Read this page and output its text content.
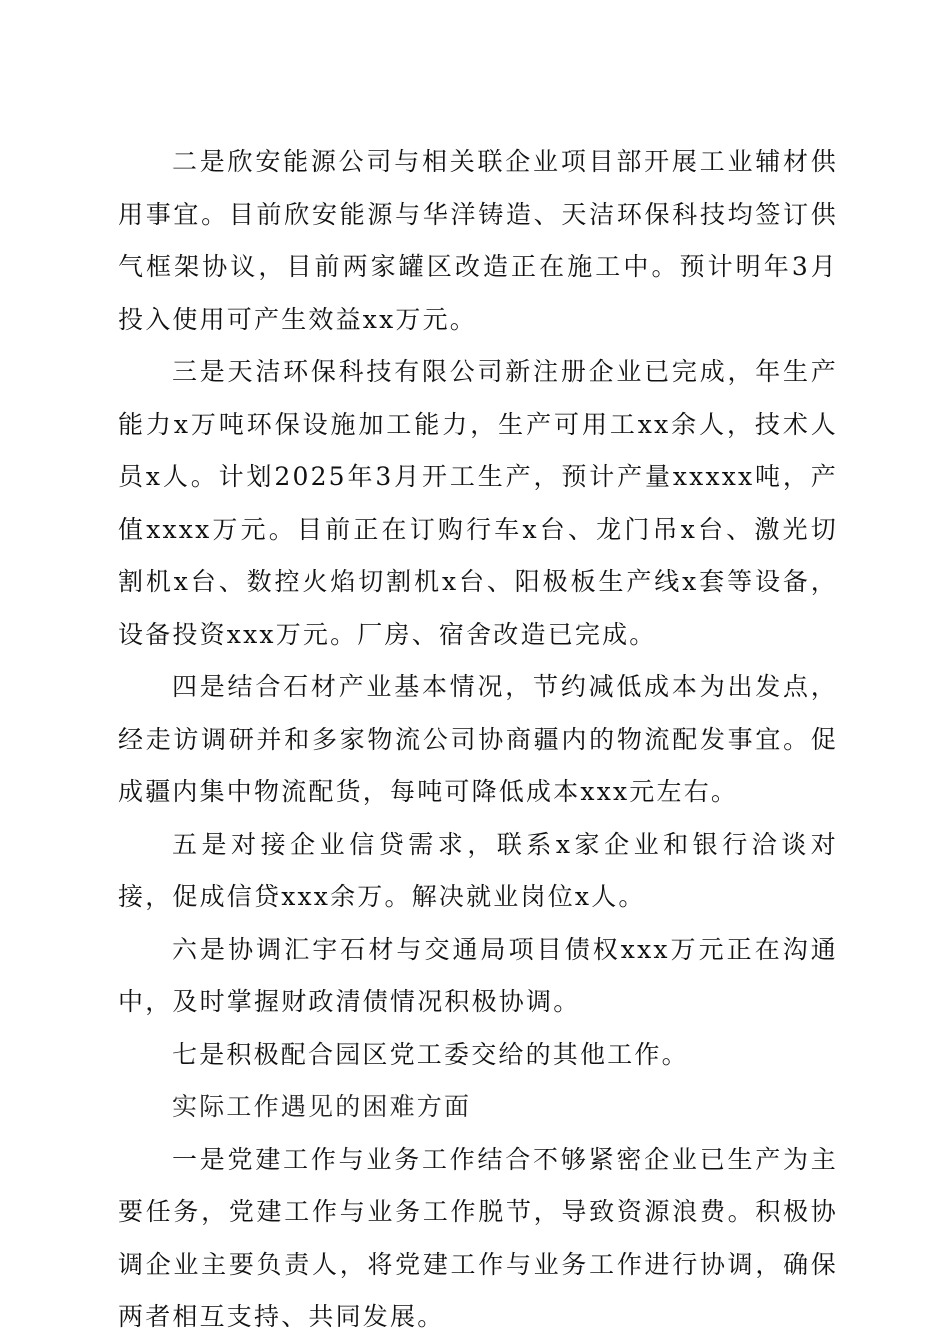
二是欣安能源公司与相关联企业项目部开展工业辅材供用事宜。目前欣安能源与华洋铸造、天洁环保科技均签订供气框架协议，目前两家罐区改造正在施工中。预计明年3月投入使用可产生效益xx万元。

三是天洁环保科技有限公司新注册企业已完成，年生产能力x万吨环保设施加工能力，生产可用工xx余人，技术人员x人。计划2025年3月开工生产，预计产量xxxxx吨，产值xxxx万元。目前正在订购行车x台、龙门吊x台、激光切割机x台、数控火焰切割机x台、阳极板生产线x套等设备，设备投资xxx万元。厂房、宿舍改造已完成。

四是结合石材产业基本情况，节约减低成本为出发点，经走访调研并和多家物流公司协商疆内的物流配发事宜。促成疆内集中物流配货，每吨可降低成本xxx元左右。

五是对接企业信贷需求，联系x家企业和银行洽谈对接，促成信贷xxx余万。解决就业岗位x人。

六是协调汇宇石材与交通局项目债权xxx万元正在沟通中，及时掌握财政清债情况积极协调。

七是积极配合园区党工委交给的其他工作。

实际工作遇见的困难方面

一是党建工作与业务工作结合不够紧密企业已生产为主要任务，党建工作与业务工作脱节，导致资源浪费。积极协调企业主要负责人，将党建工作与业务工作进行协调，确保两者相互支持、共同发展。
